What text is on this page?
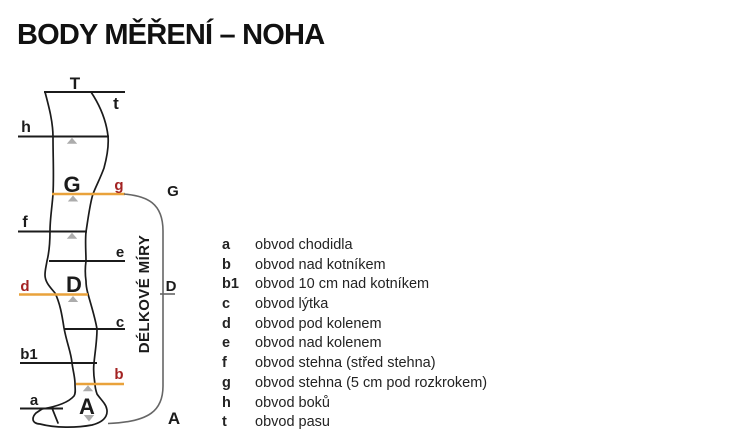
BODY MĚŘENÍ – NOHA
DÉLKOVÉ MÍRY
T
t
h
G g
f
e
d D
c
b1
b
a A
G
D
A
a obvod chodidla
b obvod nad kotníkem
b1 obvod 10 cm nad kotníkem
c obvod lýtka
d obvod pod kolenem
e obvod nad kolenem
f obvod stehna (střed stehna)
g obvod stehna (5 cm pod rozkrokem)
h obvod boků
t obvod pasu
